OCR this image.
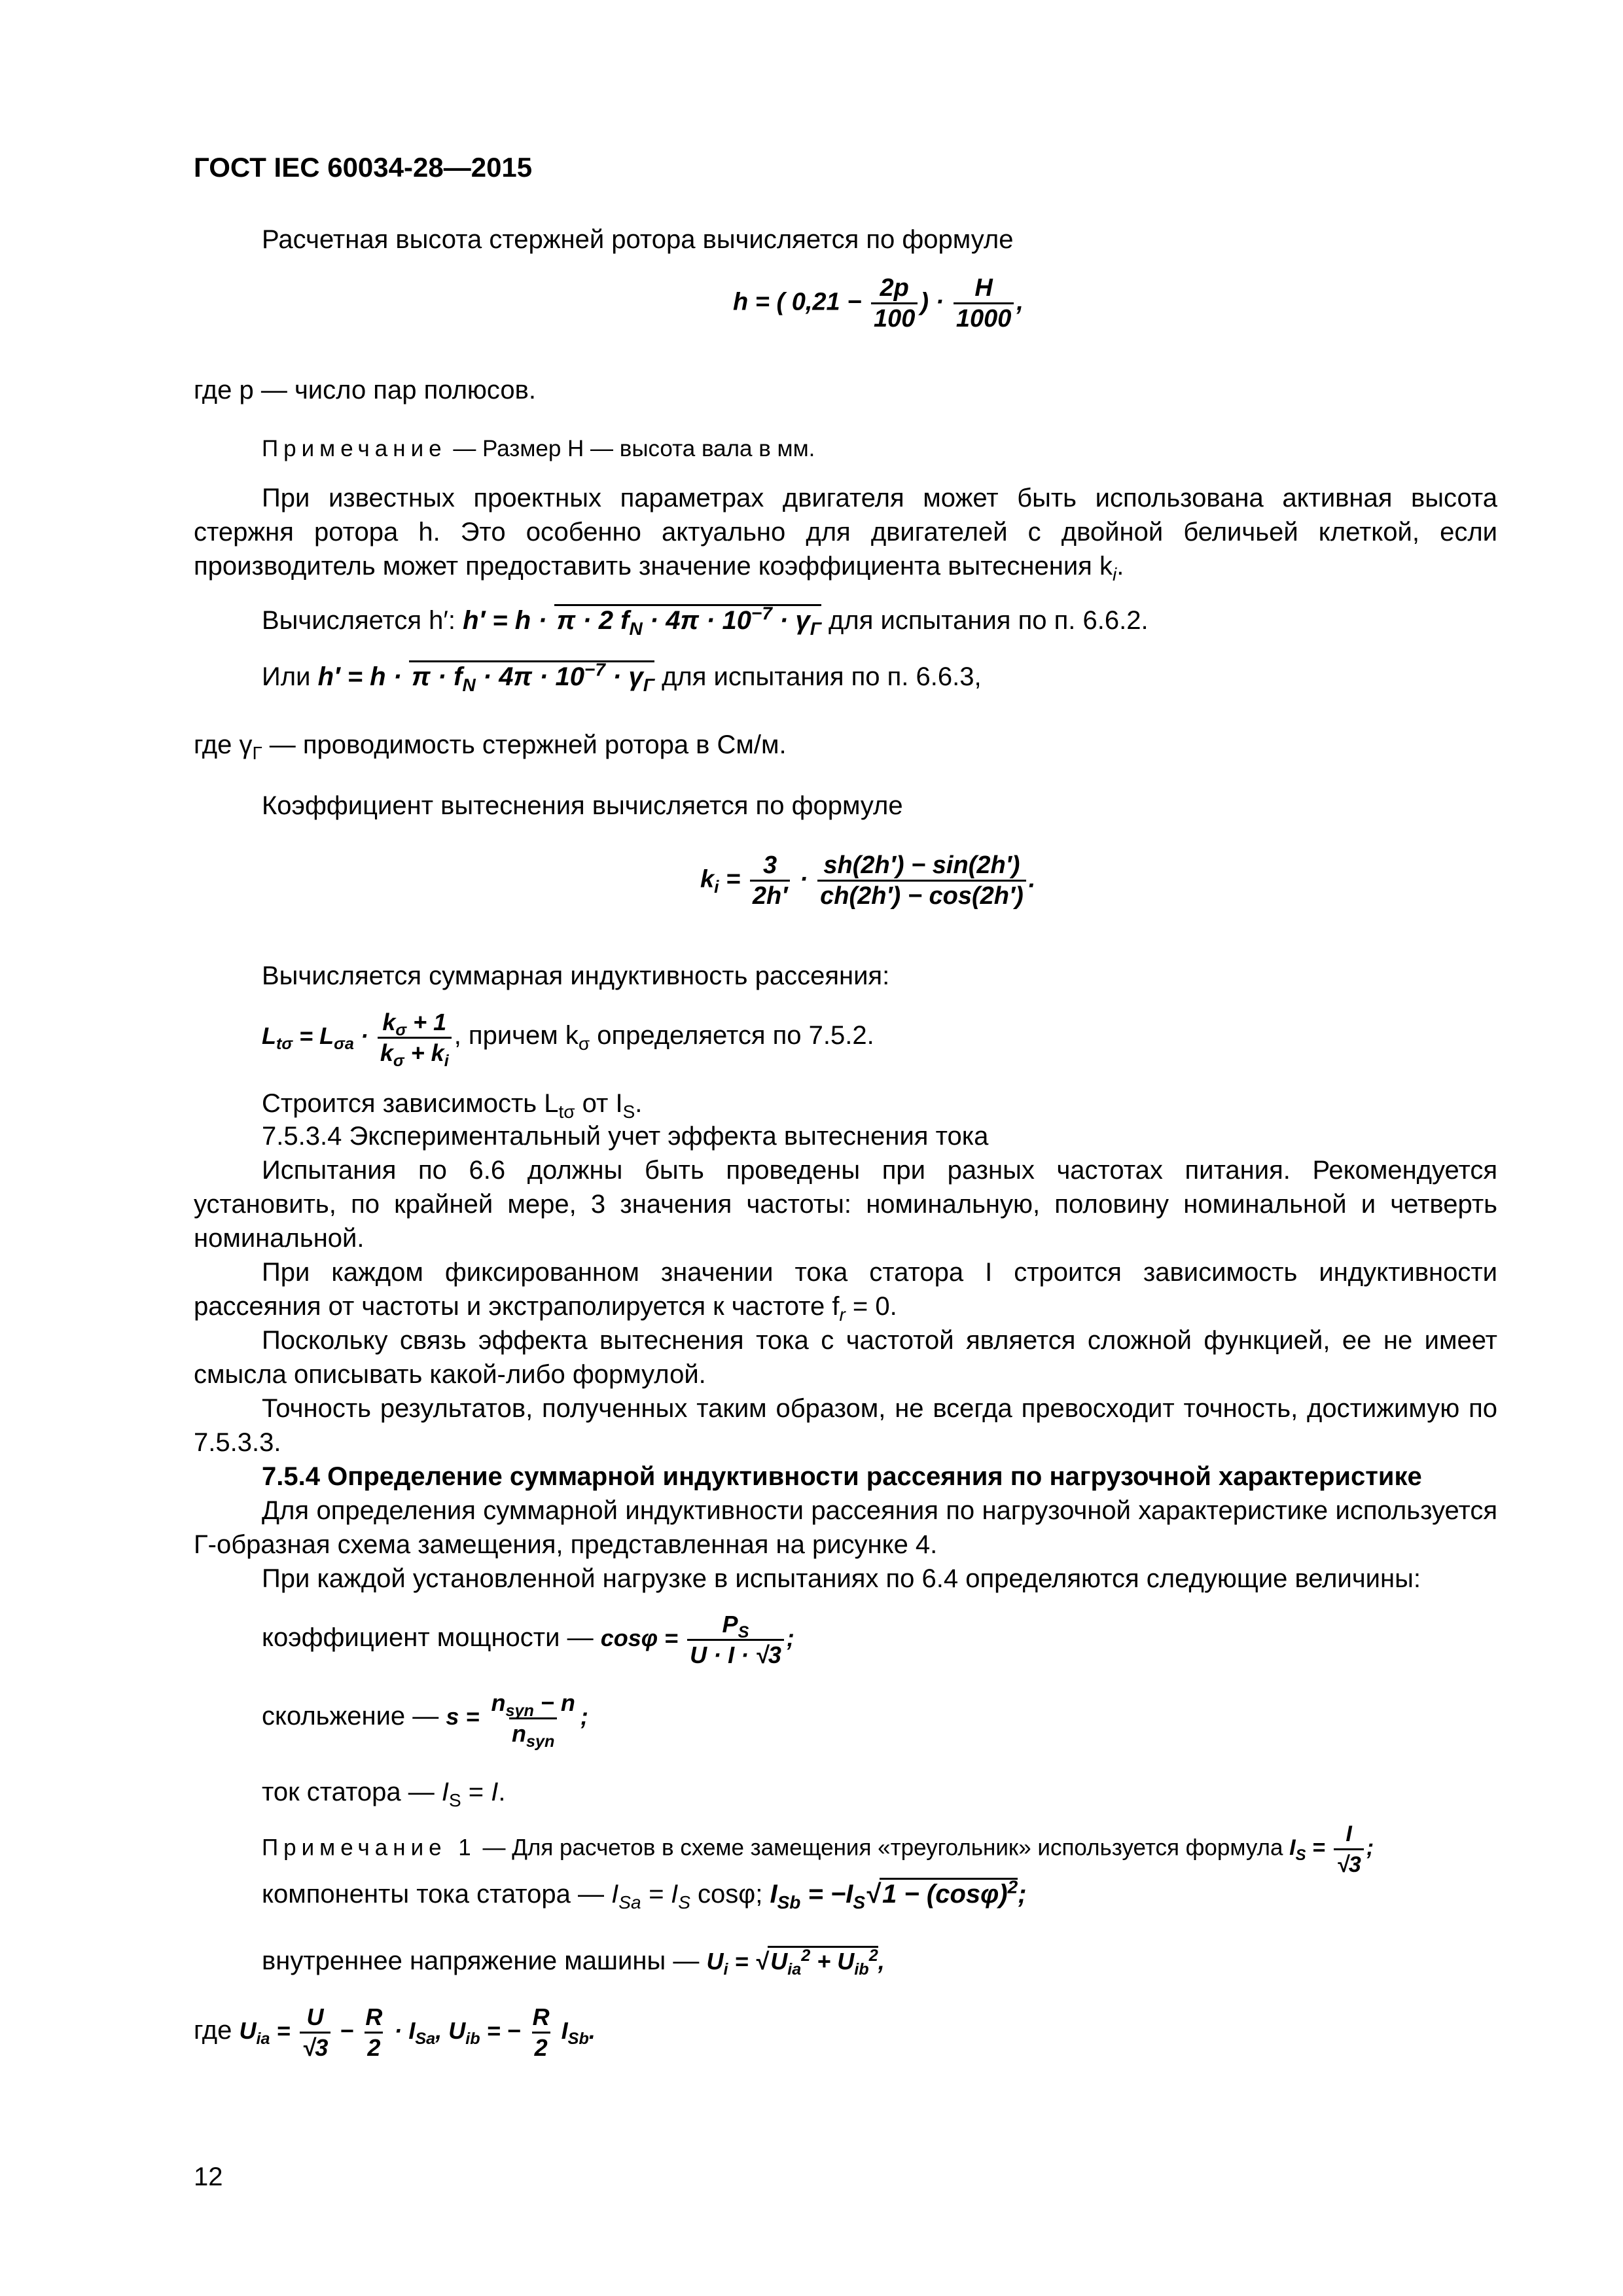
ГОСТ IEC 60034-28—2015
Расчетная высота стержней ротора вычисляется по формуле
h = ( $0,21 - \frac{2p}{100}$ ) · $\frac{H}{1000}$ ,
где p — число пар полюсов.
Примечание — Размер H — высота вала в мм.
При известных проектных параметрах двигателя может быть использована активная высота стержня ротора h. Это особенно актуально для двигателей с двойной беличьей клеткой, если производитель может предоставить значение коэффициента вытеснения $k_i$.
Вычисляется h′: h′ = h · π · 2 $f_N \cdot 4\pi \cdot 10^{-7} \cdot \gamma_Г$ для испытания по п. 6.6.2.
Или $h' = h \cdot \pi \cdot f_N \cdot 4\pi \cdot 10^{-7} \cdot \gamma_Г$ для испытания по п. 6.6.3,
где $\gamma_Г$ — проводимость стержней ротора в См/м.
Коэффициент вытеснения вычисляется по формуле
$k_i = \frac{3}{2h'} \cdot \frac{sh(2h') - \sin(2h')}{ch(2h') - \cos(2h')}$ .
Вычисляется суммарная индуктивность рассеяния:
$L_{t\sigma} = L_{\sigma a} \cdot \frac{k_\sigma + 1}{k_\sigma + k_i}$ , причем $k_\sigma$ определяется по 7.5.2.
Строится зависимость $L_{t\sigma}$ от $I_S$.
7.5.3.4 Экспериментальный учет эффекта вытеснения тока
Испытания по 6.6 должны быть проведены при разных частотах питания. Рекомендуется установить, по крайней мере, 3 значения частоты: номинальную, половину номинальной и четверть номинальной.
При каждом фиксированном значении тока статора I строится зависимость индуктивности рассеяния от частоты и экстраполируется к частоте $f_r = 0$.
Поскольку связь эффекта вытеснения тока с частотой является сложной функцией, ее не имеет смысла описывать какой-либо формулой.
Точность результатов, полученных таким образом, не всегда превосходит точность, достижимую по 7.5.3.3.
7.5.4 Определение суммарной индуктивности рассеяния по нагрузочной характеристике
Для определения суммарной индуктивности рассеяния по нагрузочной характеристике используется Г-образная схема замещения, представленная на рисунке 4.
При каждой установленной нагрузке в испытаниях по 6.4 определяются следующие величины:
коэффициент мощности — $\cos\varphi = \frac{P_S}{U \cdot I \cdot √3}$ ;
скольжение — $s = \frac{n_{syn} - n}{n_{syn}}$ ;
ток статора — $I_S = I$.
Примечание 1 — Для расчетов в схеме замещения «треугольник» используется формула $I_S = \frac{I}{√3}$ ;
компоненты тока статора — $I_{Sa} = I_S$ cosφ; $I_{Sb} = -I_S√$ $1 - (\cos\varphi)^2$;
внутреннее напряжение машины — $U_i$ = √ $U_{ia}^2 + U_{ib}^2$,
где $U_{ia} = \frac{U}{√3} - \frac{R}{2} \cdot I_{Sa}$, $U_{ib}$ = − $\frac{R}{2} I_{Sb}$.
12
